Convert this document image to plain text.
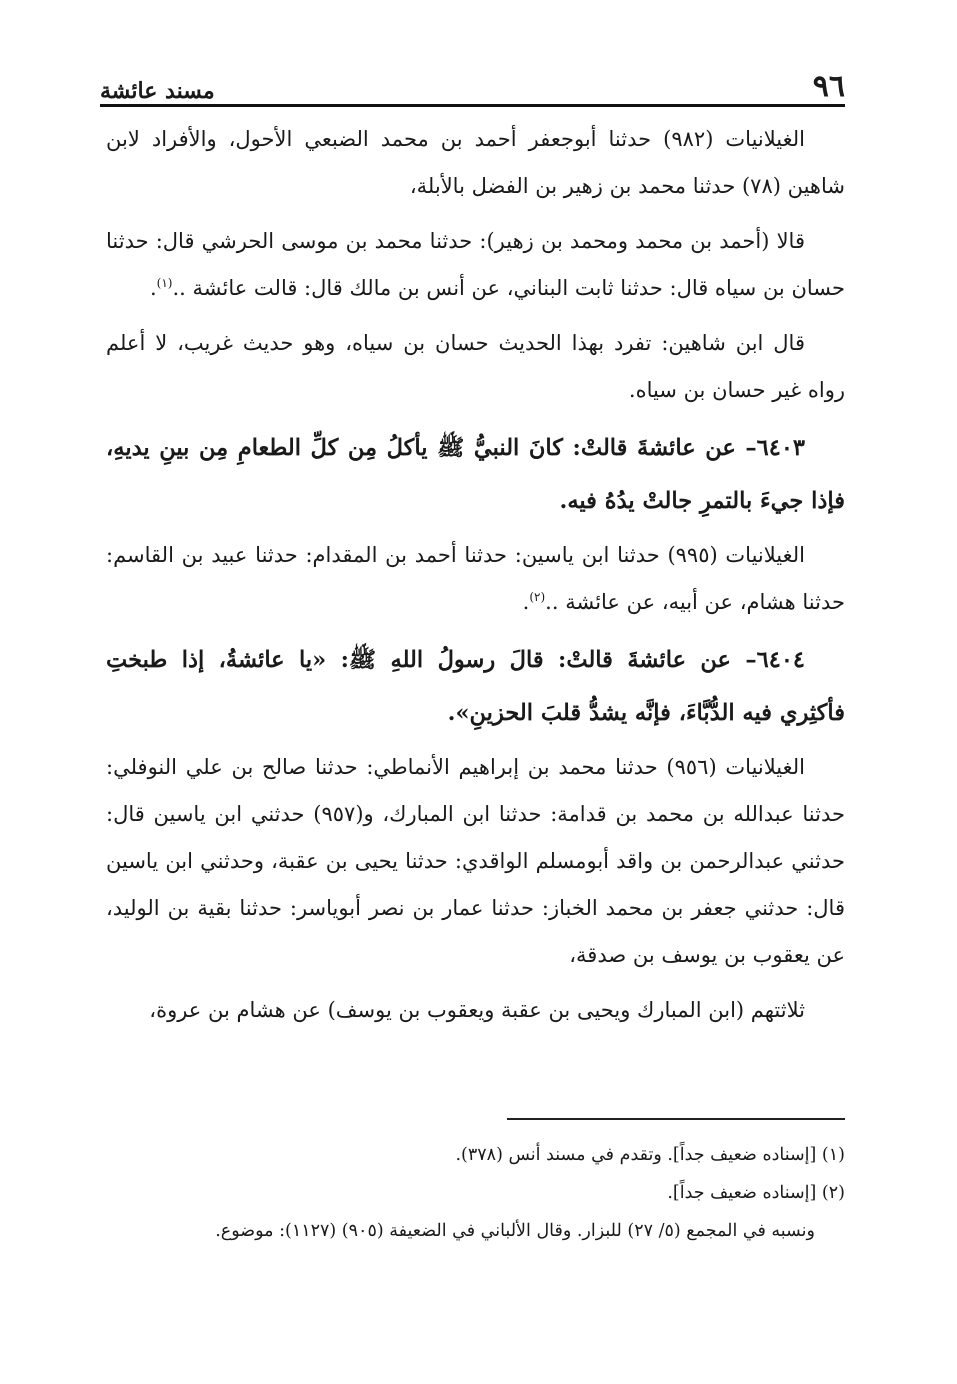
٩٦
مسند عائشة

الغيلانيات (٩٨٢) حدثنا أبوجعفر أحمد بن محمد الضبعي الأحول، والأفراد لابن شاهين (٧٨) حدثنا محمد بن زهير بن الفضل بالأبلة،

قالا (أحمد بن محمد ومحمد بن زهير): حدثنا محمد بن موسى الحرشي قال: حدثنا حسان بن سياه قال: حدثنا ثابت البناني، عن أنس بن مالك قال: قالت عائشة ..$^{(١)}$.

قال ابن شاهين: تفرد بهذا الحديث حسان بن سياه، وهو حديث غريب، لا أعلم رواه غير حسان بن سياه.

٦٤٠٣– عن عائشةَ قالتْ: كانَ النبيُّ ﷺ يأكلُ مِن كلِّ الطعامِ مِن بينِ يديهِ، فإذا جيءَ بالتمرِ جالتْ يدُهُ فيه.

الغيلانيات (٩٩٥) حدثنا ابن ياسين: حدثنا أحمد بن المقدام: حدثنا عبيد بن القاسم: حدثنا هشام، عن أبيه، عن عائشة ..$^{(٢)}$.

٦٤٠٤– عن عائشةَ قالتْ: قالَ رسولُ اللهِ ﷺ: «يا عائشةُ، إذا طبختِ فأكثِري فيه الدُّبَّاءَ، فإنَّه يشدُّ قلبَ الحزينِ».

الغيلانيات (٩٥٦) حدثنا محمد بن إبراهيم الأنماطي: حدثنا صالح بن علي النوفلي: حدثنا عبدالله بن محمد بن قدامة: حدثنا ابن المبارك، و(٩٥٧) حدثني ابن ياسين قال: حدثني عبدالرحمن بن واقد أبومسلم الواقدي: حدثنا يحيى بن عقبة، وحدثني ابن ياسين قال: حدثني جعفر بن محمد الخباز: حدثنا عمار بن نصر أبوياسر: حدثنا بقية بن الوليد، عن يعقوب بن يوسف بن صدقة،

ثلاثتهم (ابن المبارك ويحيى بن عقبة ويعقوب بن يوسف) عن هشام بن عروة،

(١) [إسناده ضعيف جداً]. وتقدم في مسند أنس (٣٧٨).

(٢) [إسناده ضعيف جداً].

ونسبه في المجمع (٥/ ٢٧) للبزار. وقال الألباني في الضعيفة (٩٠٥) (١١٢٧): موضوع.
